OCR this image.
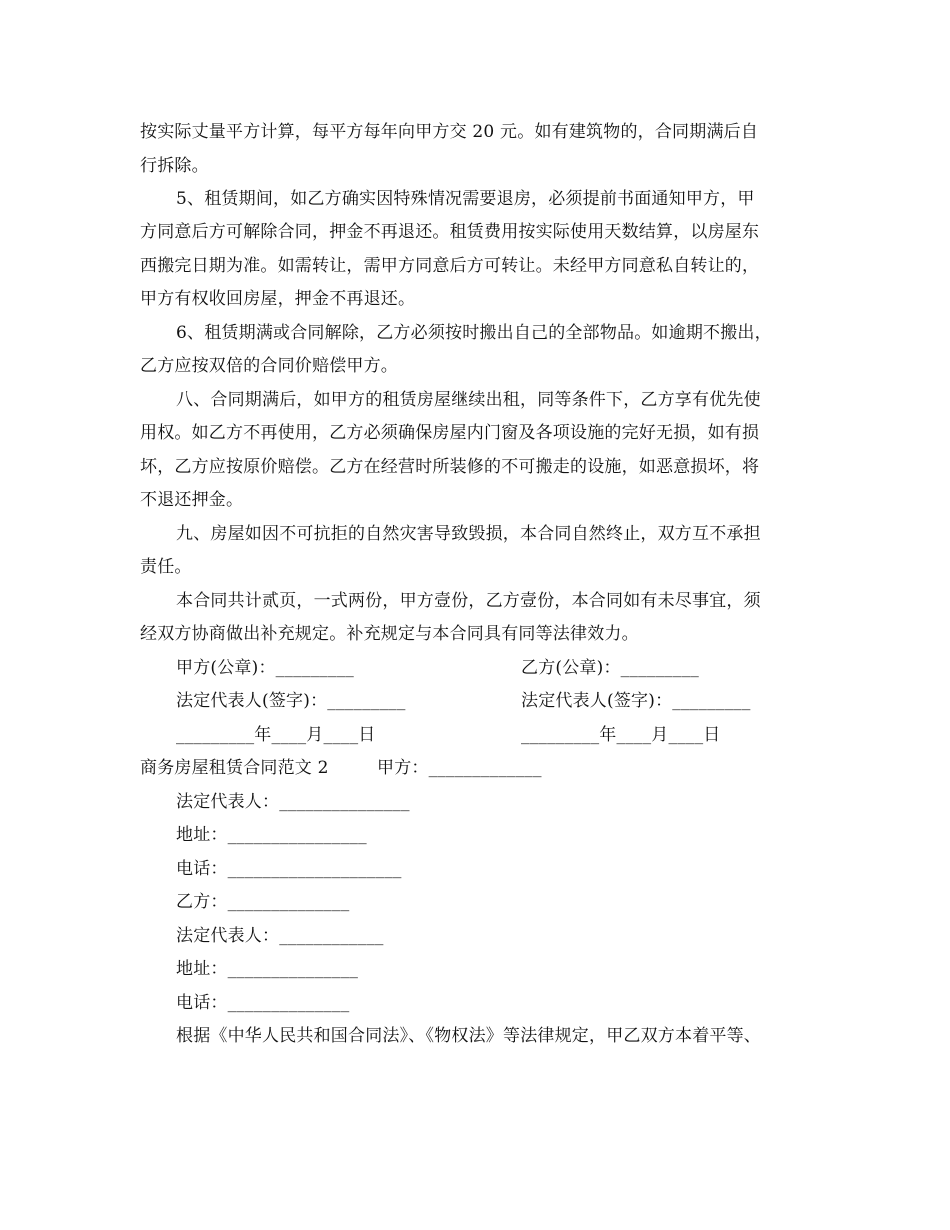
按实际丈量平方计算，每平方每年向甲方交 20 元。如有建筑物的，合同期满后自
行拆除。
5、租赁期间，如乙方确实因特殊情况需要退房，必须提前书面通知甲方，甲
方同意后方可解除合同，押金不再退还。租赁费用按实际使用天数结算，以房屋东
西搬完日期为准。如需转让，需甲方同意后方可转让。未经甲方同意私自转让的，
甲方有权收回房屋，押金不再退还。
6、租赁期满或合同解除，乙方必须按时搬出自己的全部物品。如逾期不搬出，
乙方应按双倍的合同价赔偿甲方。
八、合同期满后，如甲方的租赁房屋继续出租，同等条件下，乙方享有优先使
用权。如乙方不再使用，乙方必须确保房屋内门窗及各项设施的完好无损，如有损
坏，乙方应按原价赔偿。乙方在经营时所装修的不可搬走的设施，如恶意损坏，将
不退还押金。
九、房屋如因不可抗拒的自然灾害导致毁损，本合同自然终止，双方互不承担
责任。
本合同共计贰页，一式两份，甲方壹份，乙方壹份，本合同如有未尽事宜，须
经双方协商做出补充规定。补充规定与本合同具有同等法律效力。
甲方(公章)：_________	乙方(公章)：_________
法定代表人(签字)：_________	法定代表人(签字)：_________
_________年____月____日	_________年____月____日
商务房屋租赁合同范文 2	甲方：_____________
法定代表人：_______________
地址：________________
电话：____________________
乙方：______________
法定代表人：____________
地址：_______________
电话：______________
根据《中华人民共和国合同法》、《物权法》等法律规定，甲乙双方本着平等、
